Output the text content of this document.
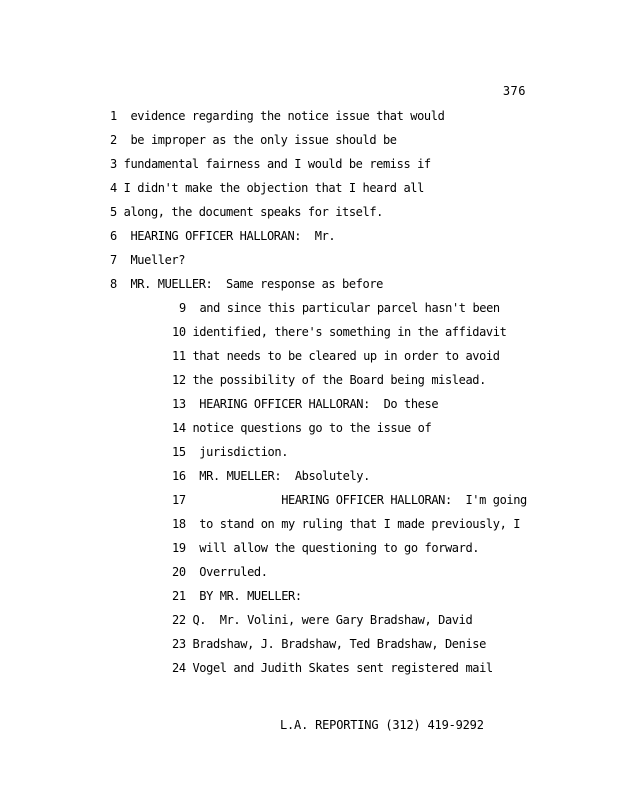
376
1  evidence regarding the notice issue that would
2  be improper as the only issue should be
3 fundamental fairness and I would be remiss if
4 I didn't make the objection that I heard all
5 along, the document speaks for itself.
6  HEARING OFFICER HALLORAN:  Mr.
7  Mueller?
8  MR. MUELLER:  Same response as before
9  and since this particular parcel hasn't been
10 identified, there's something in the affidavit
11 that needs to be cleared up in order to avoid
12 the possibility of the Board being mislead.
13  HEARING OFFICER HALLORAN:  Do these
14 notice questions go to the issue of
15  jurisdiction.
16  MR. MUELLER:  Absolutely.
17              HEARING OFFICER HALLORAN:  I'm going
18  to stand on my ruling that I made previously, I
19  will allow the questioning to go forward.
20  Overruled.
21  BY MR. MUELLER:
22 Q.  Mr. Volini, were Gary Bradshaw, David
23 Bradshaw, J. Bradshaw, Ted Bradshaw, Denise
24 Vogel and Judith Skates sent registered mail
L.A. REPORTING (312) 419-9292
